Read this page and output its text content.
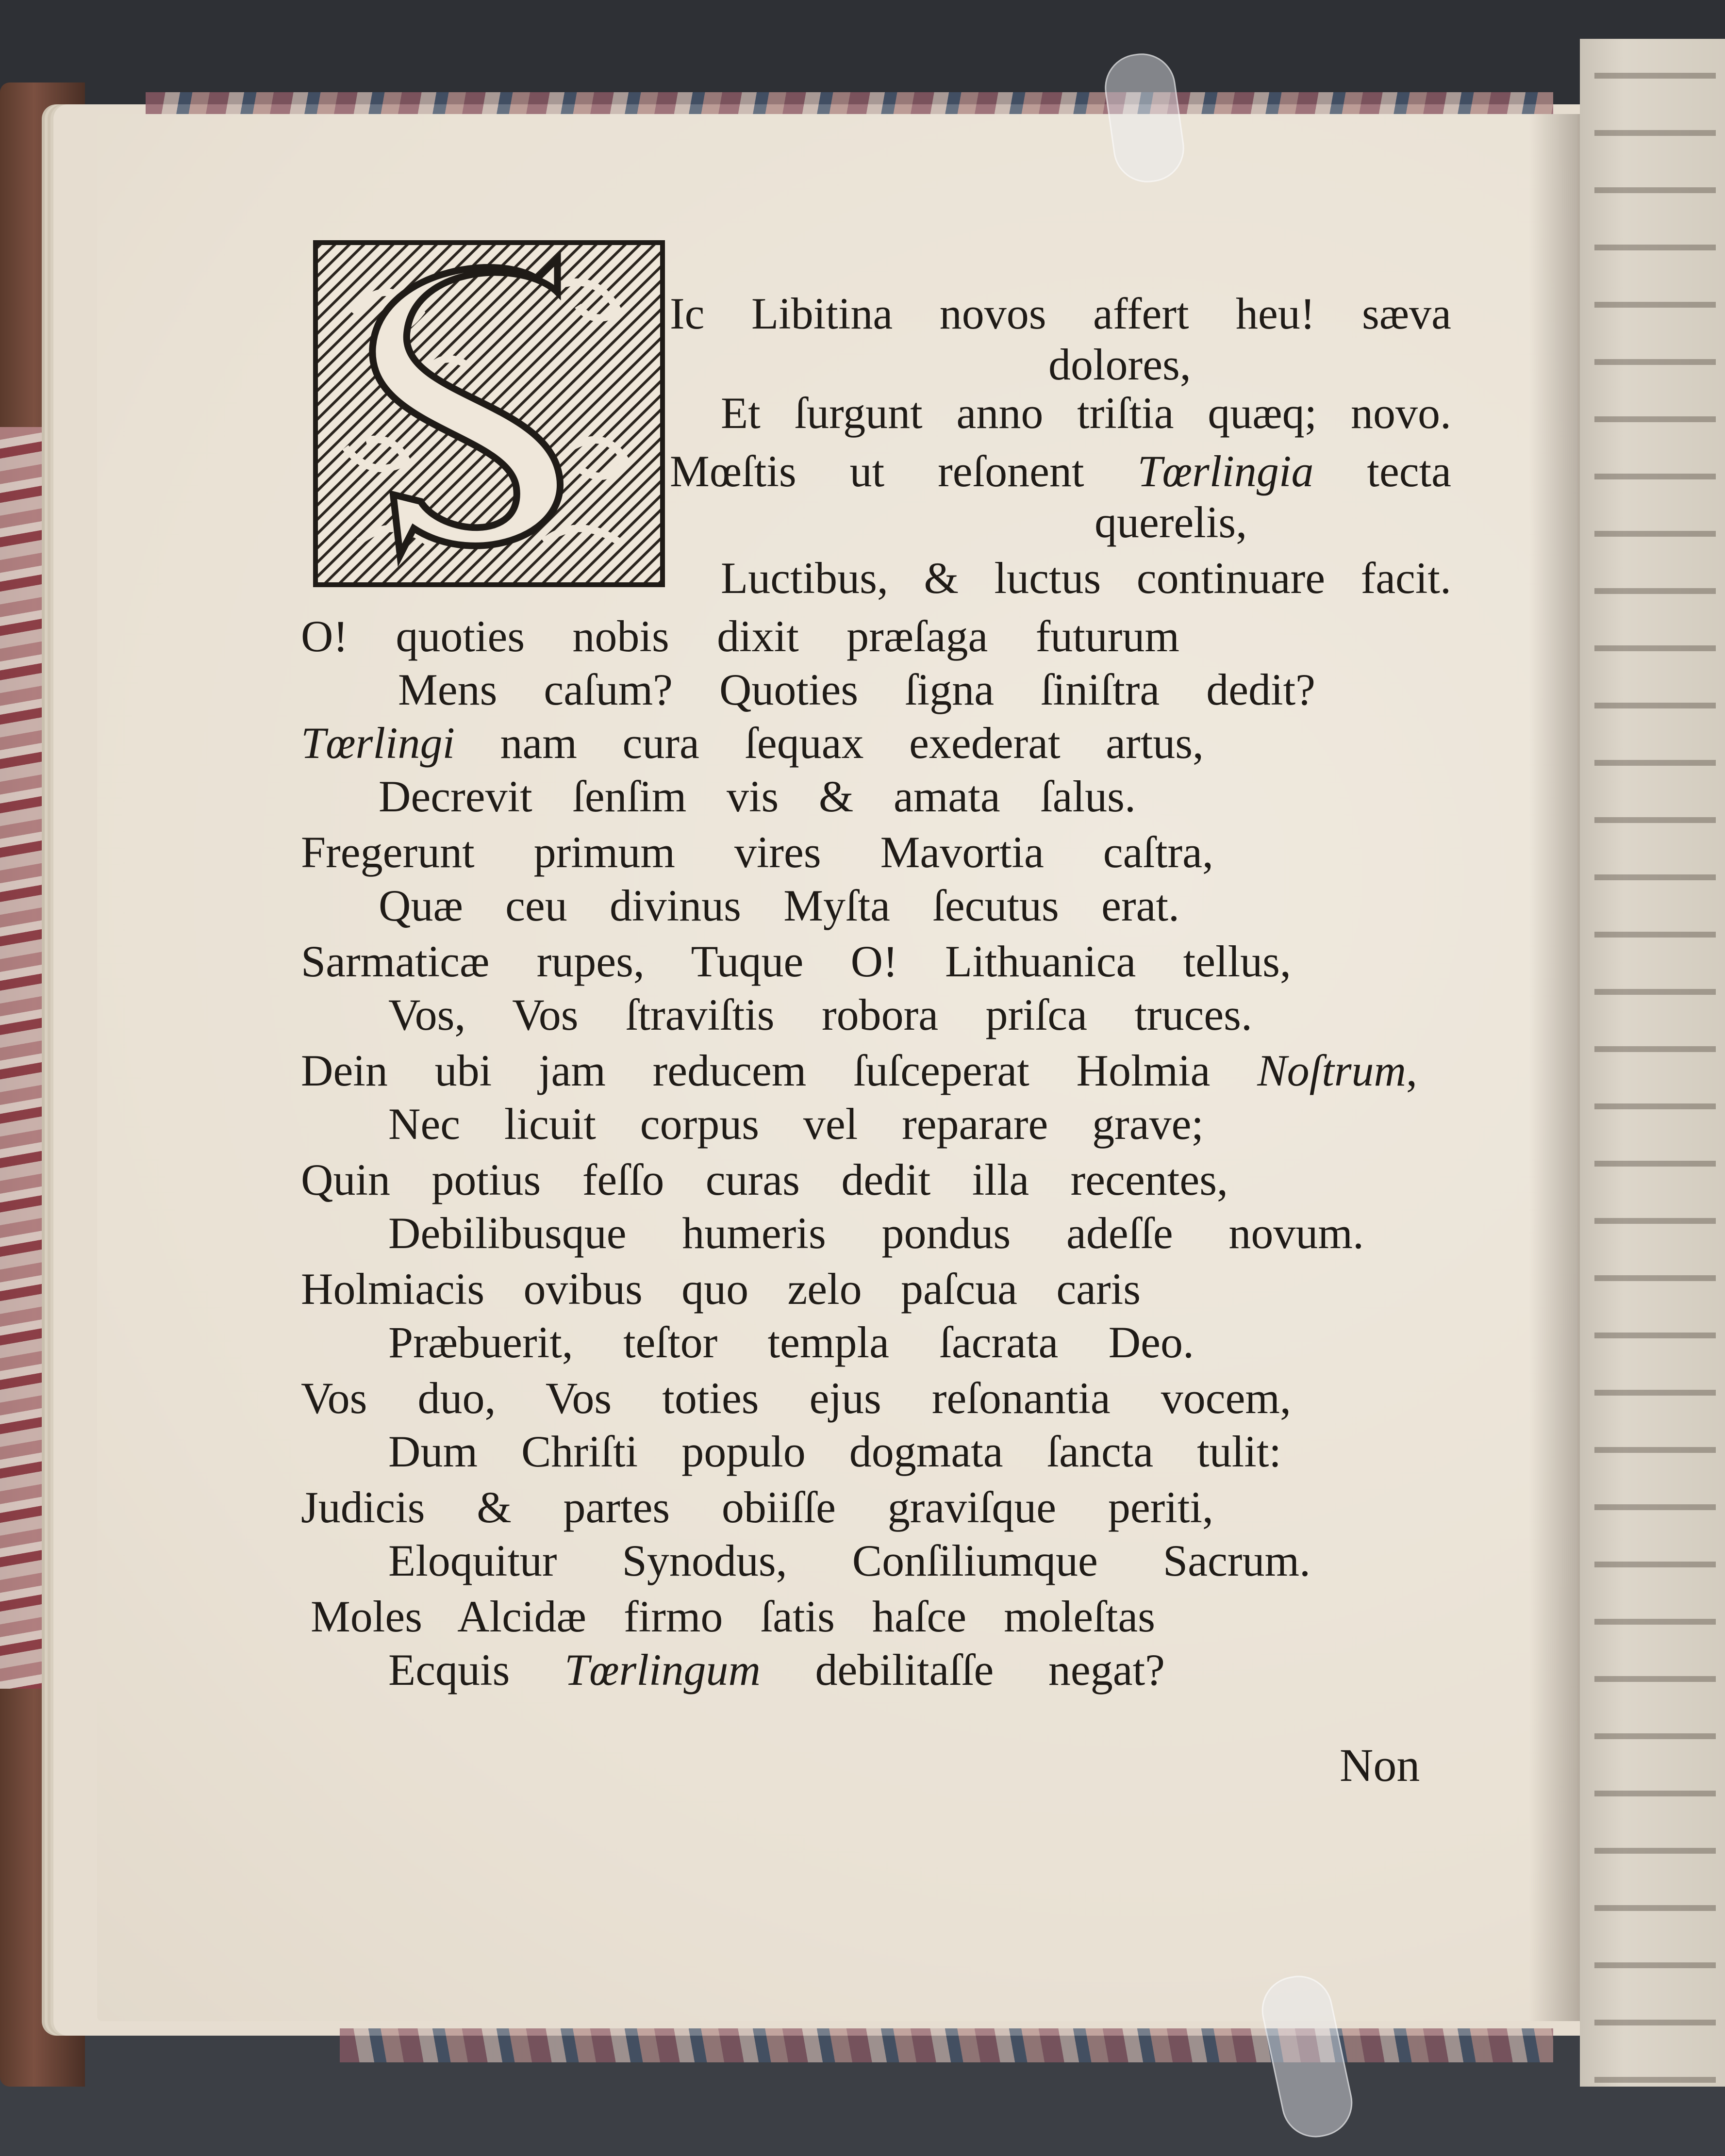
Ic Libitina novos affert heu! sæva
dolores,
Et ſurgunt anno triſtia quæq; novo.
Mœſtis ut reſonent Tœrlingia tecta
querelis,
Luctibus, & luctus continuare facit.
O! quoties nobis dixit præſaga futurum
Mens caſum? Quoties ſigna ſiniſtra dedit?
Tœrlingi nam cura ſequax exederat artus,
Decrevit ſenſim vis & amata ſalus.
Fregerunt primum vires Mavortia caſtra,
Quæ ceu divinus Myſta ſecutus erat.
Sarmaticæ rupes, Tuque O! Lithuanica tellus,
Vos, Vos ſtraviſtis robora priſca truces.
Dein ubi jam reducem ſuſceperat Holmia Noſtrum,
Nec licuit corpus vel reparare grave;
Quin potius feſſo curas dedit illa recentes,
Debilibusque humeris pondus adeſſe novum.
Holmiacis ovibus quo zelo paſcua caris
Præbuerit, teſtor templa ſacrata Deo.
Vos duo, Vos toties ejus reſonantia vocem,
Dum Chriſti populo dogmata ſancta tulit:
Judicis & partes obiiſſe graviſque periti,
Eloquitur Synodus, Conſiliumque Sacrum.
Moles Alcidæ firmo ſatis haſce moleſtas
Ecquis Tœrlingum debilitaſſe negat?
Non
